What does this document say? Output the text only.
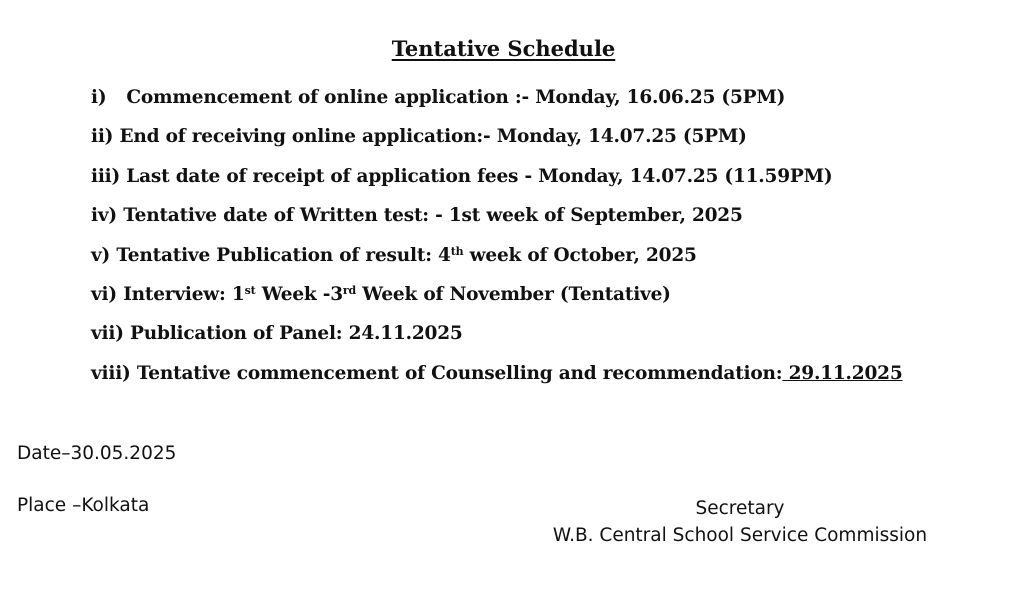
Tentative Schedule
i) Commencement of online application :- Monday, 16.06.25 (5PM)
ii) End of receiving online application:- Monday, 14.07.25 (5PM)
iii) Last date of receipt of application fees - Monday, 14.07.25 (11.59PM)
iv) Tentative date of Written test: - 1st week of September, 2025
v) Tentative Publication of result: 4th week of October, 2025
vi) Interview: 1st Week -3rd Week of November (Tentative)
vii) Publication of Panel: 24.11.2025
viii) Tentative commencement of Counselling and recommendation: 29.11.2025

Date–30.05.2025

Place –Kolkata	Secretary
W.B. Central School Service Commission
